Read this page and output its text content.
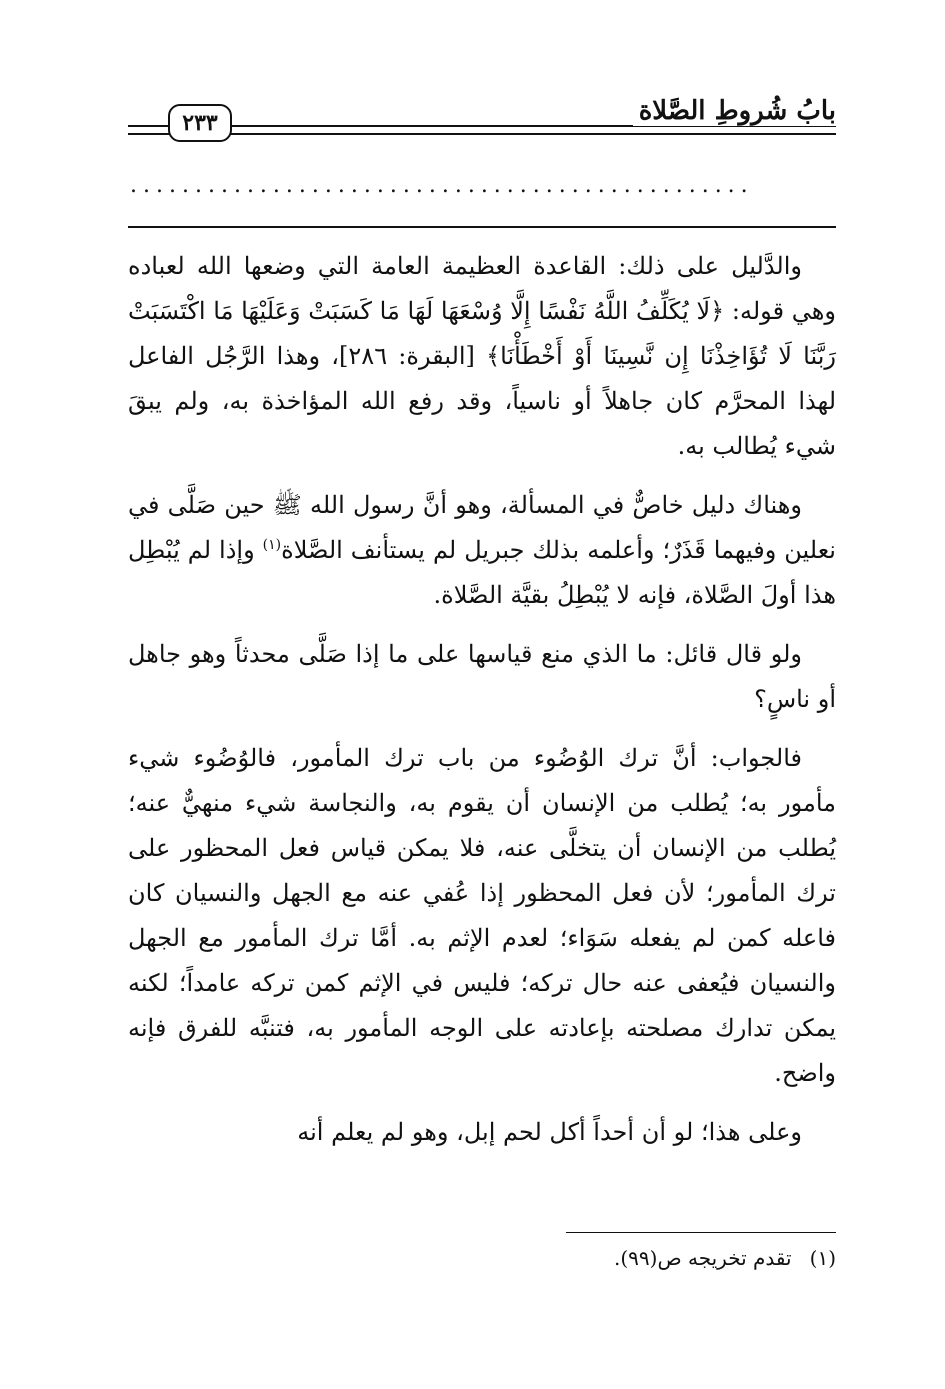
بابُ شُروطِ الصَّلاة
٢٣٣
................................................

والدَّليل على ذلك: القاعدة العظيمة العامة التي وضعها الله لعباده وهي قوله: ﴿لَا يُكَلِّفُ اللَّهُ نَفْسًا إِلَّا وُسْعَهَا لَهَا مَا كَسَبَتْ وَعَلَيْهَا مَا اكْتَسَبَتْ رَبَّنَا لَا تُؤَاخِذْنَا إِن نَّسِينَا أَوْ أَخْطَأْنَا﴾ [البقرة: ٢٨٦]، وهذا الرَّجُل الفاعل لهذا المحرَّم كان جاهلاً أو ناسياً، وقد رفع الله المؤاخذة به، ولم يبقَ شيء يُطالب به.

وهناك دليل خاصٌّ في المسألة، وهو أنَّ رسول الله ﷺ حين صَلَّى في نعلين وفيهما قَذَرٌ؛ وأعلمه بذلك جبريل لم يستأنف الصَّلاة$^{(١)}$ وإذا لم يُبْطِل هذا أولَ الصَّلاة، فإنه لا يُبْطِلُ بقيَّة الصَّلاة.

ولو قال قائل: ما الذي منع قياسها على ما إذا صَلَّى محدثاً وهو جاهل أو ناسٍ؟

فالجواب: أنَّ ترك الوُضُوء من باب ترك المأمور، فالوُضُوء شيء مأمور به؛ يُطلب من الإنسان أن يقوم به، والنجاسة شيء منهيٌّ عنه؛ يُطلب من الإنسان أن يتخلَّى عنه، فلا يمكن قياس فعل المحظور على ترك المأمور؛ لأن فعل المحظور إذا عُفي عنه مع الجهل والنسيان كان فاعله كمن لم يفعله سَوَاء؛ لعدم الإثم به. أمَّا ترك المأمور مع الجهل والنسيان فيُعفى عنه حال تركه؛ فليس في الإثم كمن تركه عامداً؛ لكنه يمكن تدارك مصلحته بإعادته على الوجه المأمور به، فتنبَّه للفرق فإنه واضح.

وعلى هذا؛ لو أن أحداً أكل لحم إبل، وهو لم يعلم أنه

(١)تقدم تخريجه ص(٩٩).
